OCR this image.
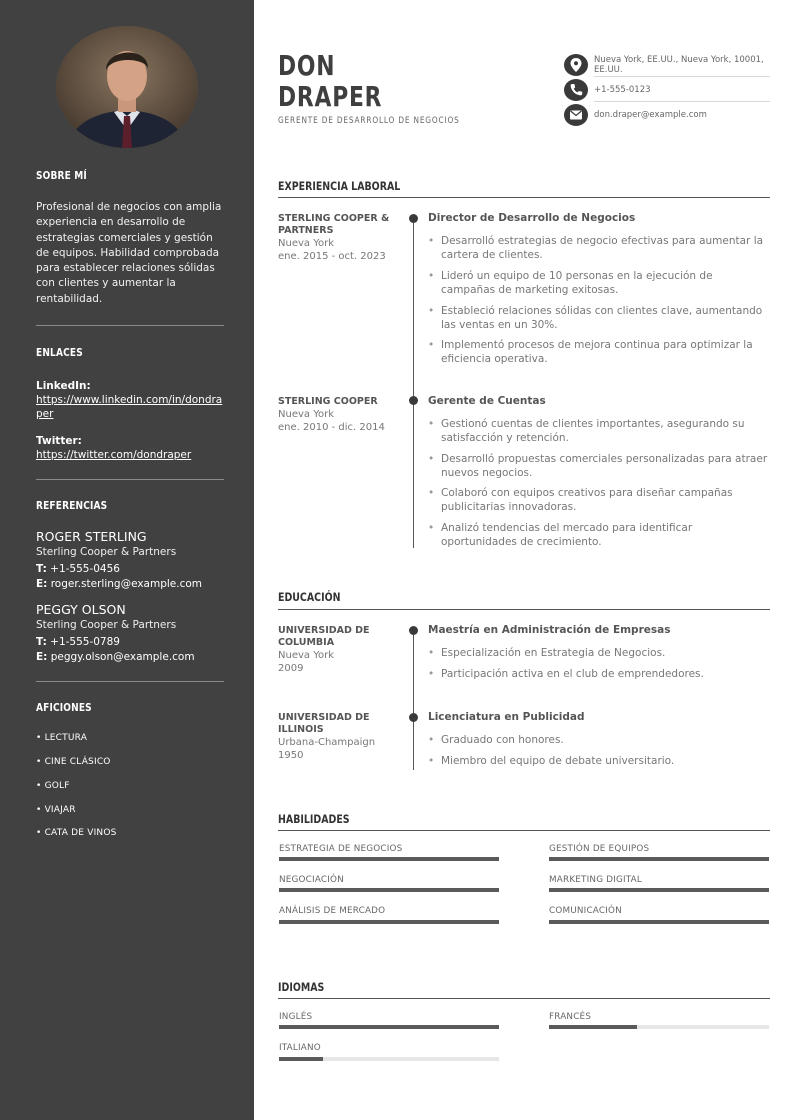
SOBRE MÍ
Profesional de negocios con amplia experiencia en desarrollo de estrategias comerciales y gestión de equipos. Habilidad comprobada para establecer relaciones sólidas con clientes y aumentar la rentabilidad.
ENLACES
LinkedIn:
https://www.linkedin.com/in/dondraper
Twitter:
https://twitter.com/dondraper
REFERENCIAS
ROGER STERLING
Sterling Cooper & Partners
T: +1-555-0456
E: roger.sterling@example.com
PEGGY OLSON
Sterling Cooper & Partners
T: +1-555-0789
E: peggy.olson@example.com
AFICIONES
• LECTURA
• CINE CLÁSICO
• GOLF
• VIAJAR
• CATA DE VINOS
DON
DRAPER
GERENTE DE DESARROLLO DE NEGOCIOS
Nueva York, EE.UU., Nueva York, 10001, EE.UU.
+1-555-0123
don.draper@example.com
EXPERIENCIA LABORAL
STERLING COOPER & PARTNERS
Nueva York
ene. 2015 - oct. 2023
Director de Desarrollo de Negocios
• Desarrolló estrategias de negocio efectivas para aumentar la cartera de clientes.
• Lideró un equipo de 10 personas en la ejecución de campañas de marketing exitosas.
• Estableció relaciones sólidas con clientes clave, aumentando las ventas en un 30%.
• Implementó procesos de mejora continua para optimizar la eficiencia operativa.
STERLING COOPER
Nueva York
ene. 2010 - dic. 2014
Gerente de Cuentas
• Gestionó cuentas de clientes importantes, asegurando su satisfacción y retención.
• Desarrolló propuestas comerciales personalizadas para atraer nuevos negocios.
• Colaboró con equipos creativos para diseñar campañas publicitarias innovadoras.
• Analizó tendencias del mercado para identificar oportunidades de crecimiento.
EDUCACIÓN
UNIVERSIDAD DE COLUMBIA
Nueva York
2009
Maestría en Administración de Empresas
• Especialización en Estrategia de Negocios.
• Participación activa en el club de emprendedores.
UNIVERSIDAD DE ILLINOIS
Urbana-Champaign
1950
Licenciatura en Publicidad
• Graduado con honores.
• Miembro del equipo de debate universitario.
HABILIDADES
ESTRATEGIA DE NEGOCIOS	GESTIÓN DE EQUIPOS
NEGOCIACIÓN	MARKETING DIGITAL
ANÁLISIS DE MERCADO	COMUNICACIÓN
IDIOMAS
INGLÉS	FRANCÉS
ITALIANO
